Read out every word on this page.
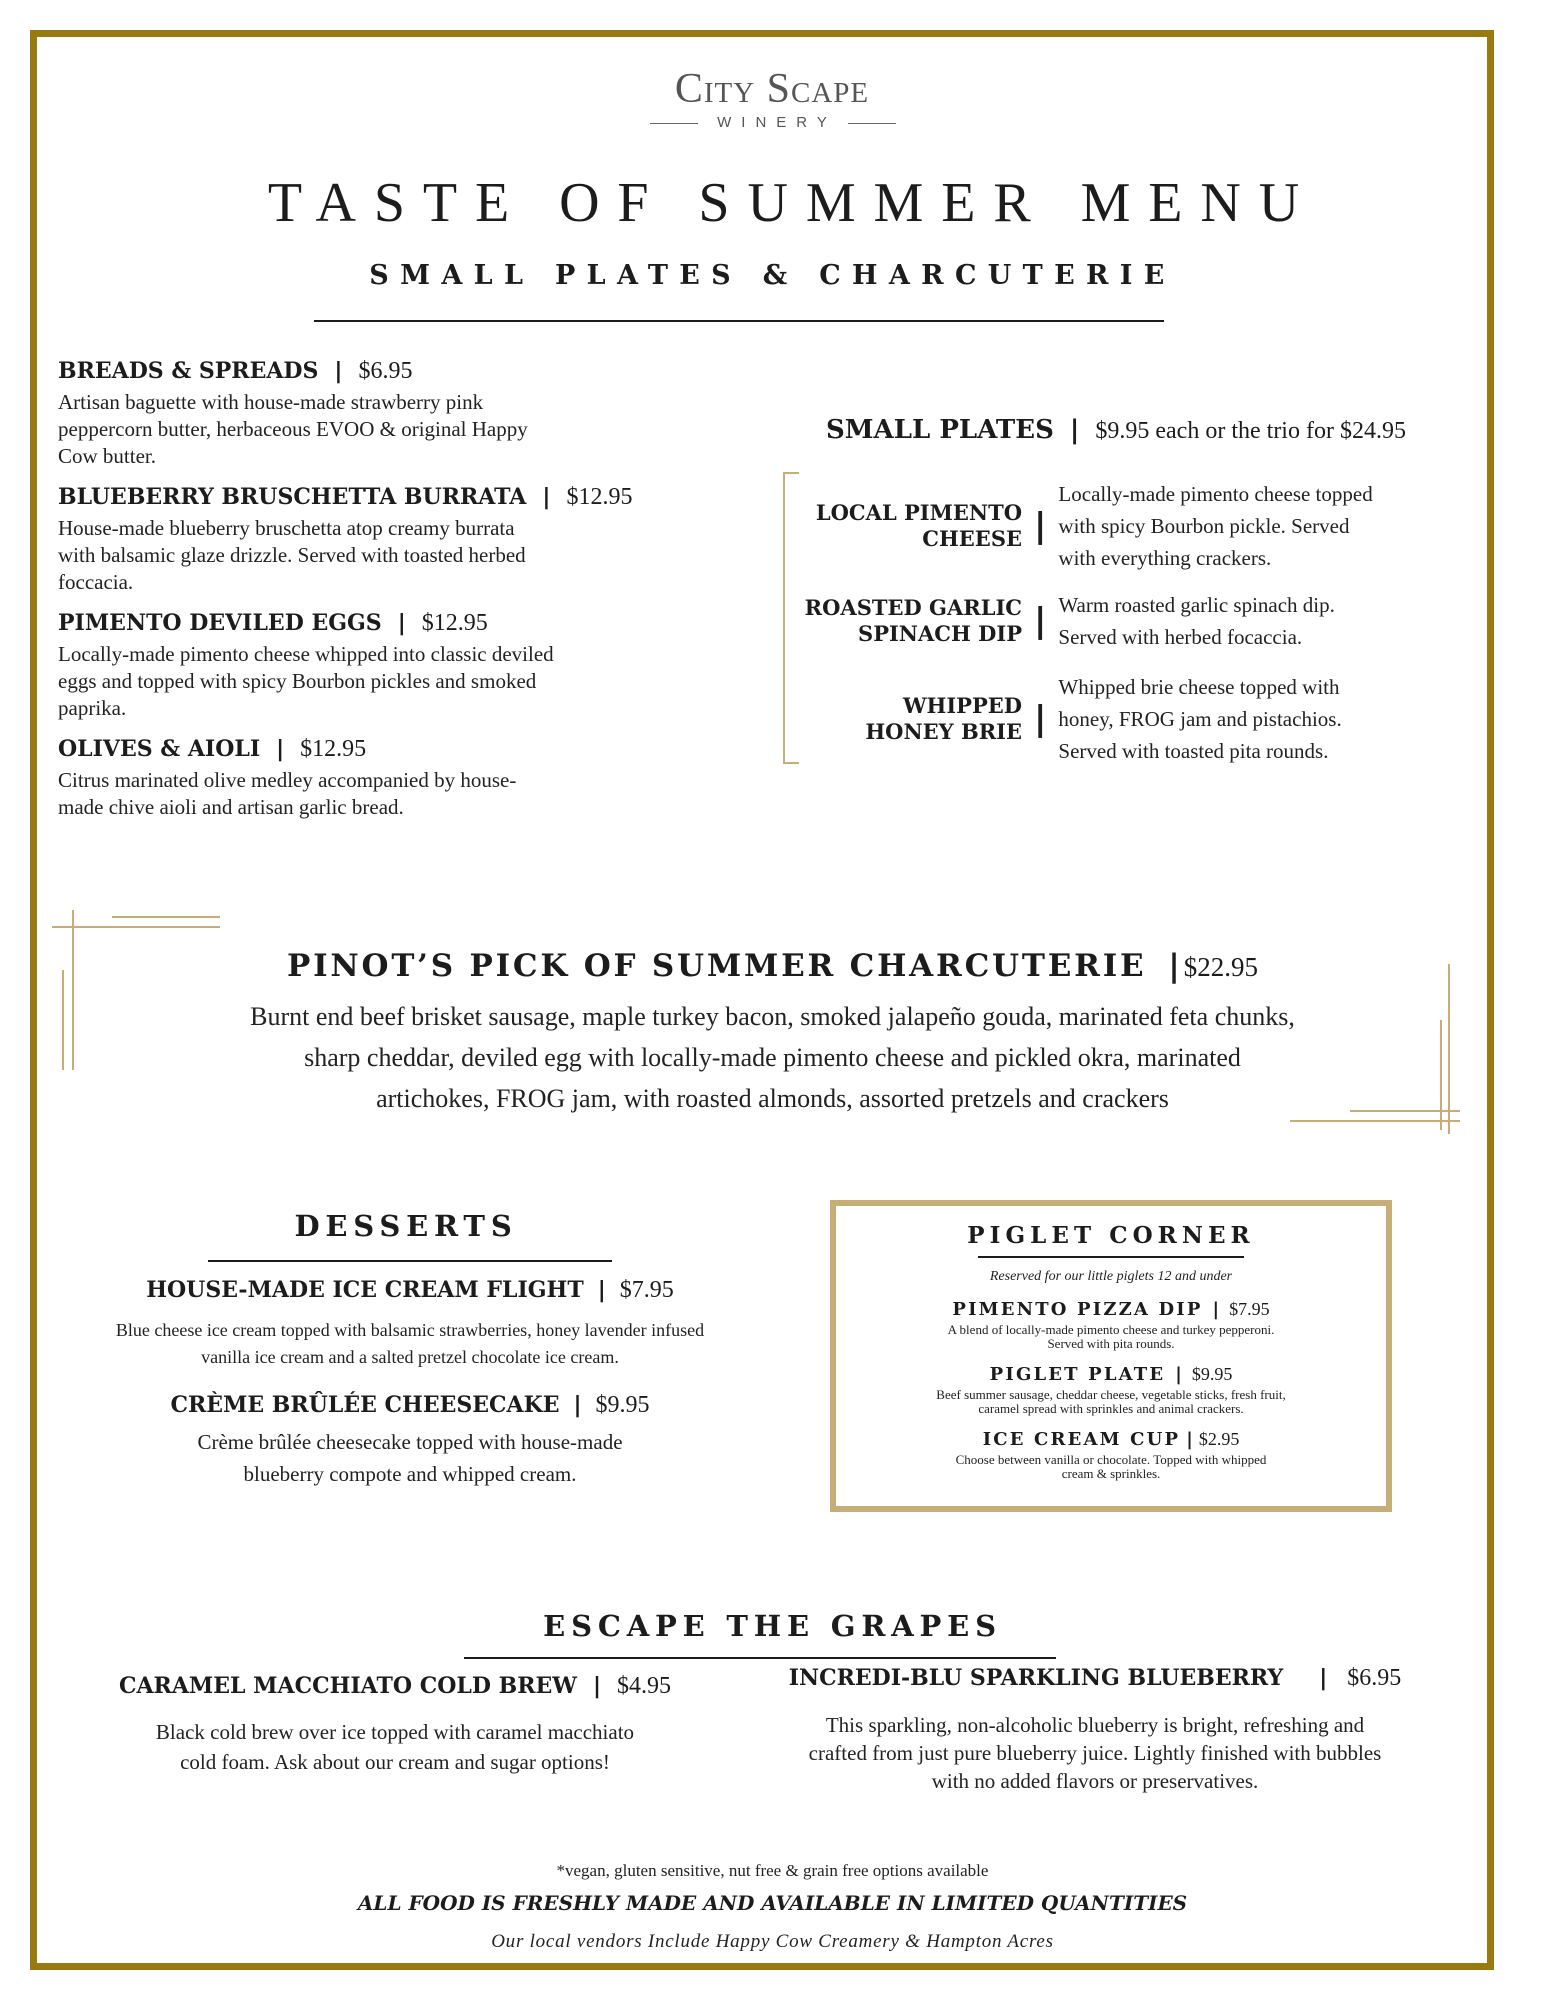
City Scape
WINERY
TASTE OF SUMMER MENU
SMALL PLATES & CHARCUTERIE
BREADS & SPREADS | $6.95
Artisan baguette with house-made strawberry pink
peppercorn butter, herbaceous EVOO & original Happy
Cow butter.
BLUEBERRY BRUSCHETTA BURRATA | $12.95
House-made blueberry bruschetta atop creamy burrata
with balsamic glaze drizzle. Served with toasted herbed
foccacia.
PIMENTO DEVILED EGGS | $12.95
Locally-made pimento cheese whipped into classic deviled
eggs and topped with spicy Bourbon pickles and smoked
paprika.
OLIVES & AIOLI | $12.95
Citrus marinated olive medley accompanied by house-
made chive aioli and artisan garlic bread.
SMALL PLATES | $9.95 each or the trio for $24.95
LOCAL PIMENTO
CHEESE |
Locally-made pimento cheese topped
with spicy Bourbon pickle. Served
with everything crackers.
ROASTED GARLIC
SPINACH DIP | Warm roasted garlic spinach dip.
Served with herbed focaccia.
WHIPPED
HONEY BRIE |
Whipped brie cheese topped with
honey, FROG jam and pistachios.
Served with toasted pita rounds.
PINOT’S PICK OF SUMMER CHARCUTERIE | $22.95
Burnt end beef brisket sausage, maple turkey bacon, smoked jalapeño gouda, marinated feta chunks,
sharp cheddar, deviled egg with locally-made pimento cheese and pickled okra, marinated
artichokes, FROG jam, with roasted almonds, assorted pretzels and crackers
DESSERTS
HOUSE-MADE ICE CREAM FLIGHT | $7.95
Blue cheese ice cream topped with balsamic strawberries, honey lavender infused
vanilla ice cream and a salted pretzel chocolate ice cream.
CRÈME BRÛLÉE CHEESECAKE | $9.95
Crème brûlée cheesecake topped with house-made
blueberry compote and whipped cream.
PIGLET CORNER
Reserved for our little piglets 12 and under
PIMENTO PIZZA DIP | $7.95
A blend of locally-made pimento cheese and turkey pepperoni.
Served with pita rounds.
PIGLET PLATE | $9.95
Beef summer sausage, cheddar cheese, vegetable sticks, fresh fruit,
caramel spread with sprinkles and animal crackers.
ICE CREAM CUP | $2.95
Choose between vanilla or chocolate. Topped with whipped
cream & sprinkles.
ESCAPE THE GRAPES
CARAMEL MACCHIATO COLD BREW | $4.95
Black cold brew over ice topped with caramel macchiato
cold foam. Ask about our cream and sugar options!
INCREDI-BLU SPARKLING BLUEBERRY | $6.95
This sparkling, non-alcoholic blueberry is bright, refreshing and
crafted from just pure blueberry juice. Lightly finished with bubbles
with no added flavors or preservatives.
*vegan, gluten sensitive, nut free & grain free options available
ALL FOOD IS FRESHLY MADE AND AVAILABLE IN LIMITED QUANTITIES
Our local vendors Include Happy Cow Creamery & Hampton Acres
